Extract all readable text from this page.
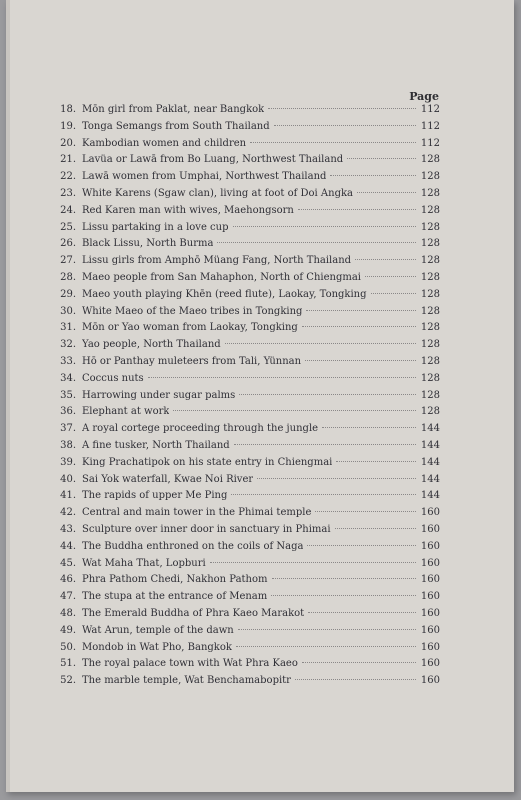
Page
18. Mōn girl from Paklat, near Bangkok	112
19. Tonga Semangs from South Thailand	112
20. Kambodian women and children	112
21. Lavüa or Lawā from Bo Luang, Northwest Thailand	128
22. Lawā women from Umphai, Northwest Thailand	128
23. White Karens (Sgaw clan), living at foot of Doi Angka	128
24. Red Karen man with wives, Maehongsorn	128
25. Lissu partaking in a love cup	128
26. Black Lissu, North Burma	128
27. Lissu girls from Amphō Müang Fang, North Thailand	128
28. Maeo people from San Mahaphon, North of Chiengmai	128
29. Maeo youth playing Khēn (reed flute), Laokay, Tongking	128
30. White Maeo of the Maeo tribes in Tongking	128
31. Mōn or Yao woman from Laokay, Tongking	128
32. Yao people, North Thailand	128
33. Hō or Panthay muleteers from Tali, Yünnan	128
34. Coccus nuts	128
35. Harrowing under sugar palms	128
36. Elephant at work	128
37. A royal cortege proceeding through the jungle	144
38. A fine tusker, North Thailand	144
39. King Prachatipok on his state entry in Chiengmai	144
40. Sai Yok waterfall, Kwae Noi River	144
41. The rapids of upper Me Ping	144
42. Central and main tower in the Phimai temple	160
43. Sculpture over inner door in sanctuary in Phimai	160
44. The Buddha enthroned on the coils of Naga	160
45. Wat Maha That, Lopburi	160
46. Phra Pathom Chedi, Nakhon Pathom	160
47. The stupa at the entrance of Menam	160
48. The Emerald Buddha of Phra Kaeo Marakot	160
49. Wat Arun, temple of the dawn	160
50. Mondob in Wat Pho, Bangkok	160
51. The royal palace town with Wat Phra Kaeo	160
52. The marble temple, Wat Benchamabopitr	160
